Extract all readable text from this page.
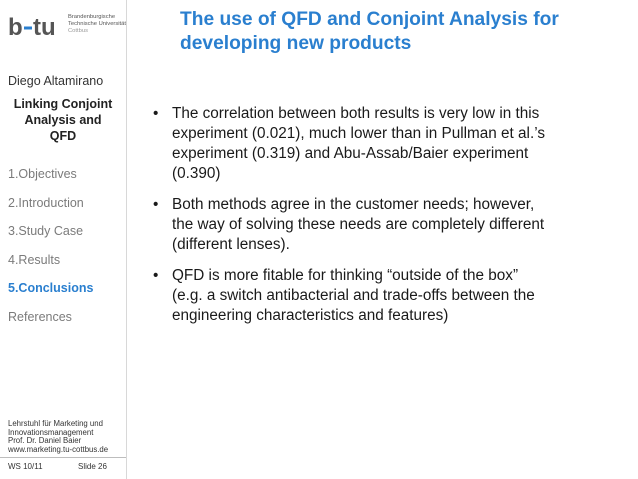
b tu Brandenburgische
Technische Universität
Cottbus
Diego Altamirano
Linking Conjoint
Analysis and
QFD
1.Objectives
2.Introduction
3.Study Case
4.Results
5.Conclusions
References
Lehrstuhl für Marketing und
Innovationsmanagement
Prof. Dr. Daniel Baier
www.marketing.tu-cottbus.de
WS 10/11	Slide 26
The use of QFD and Conjoint Analysis for
developing new products
• The correlation between both results is very low in this
experiment (0.021), much lower than in Pullman et al.’s
experiment (0.319) and Abu-Assab/Baier experiment
(0.390)
• Both methods agree in the customer needs; however,
the way of solving these needs are completely different
(different lenses).
• QFD is more fitable for thinking “outside of the box”
(e.g. a switch antibacterial and trade-offs between the
engineering characteristics and features)
